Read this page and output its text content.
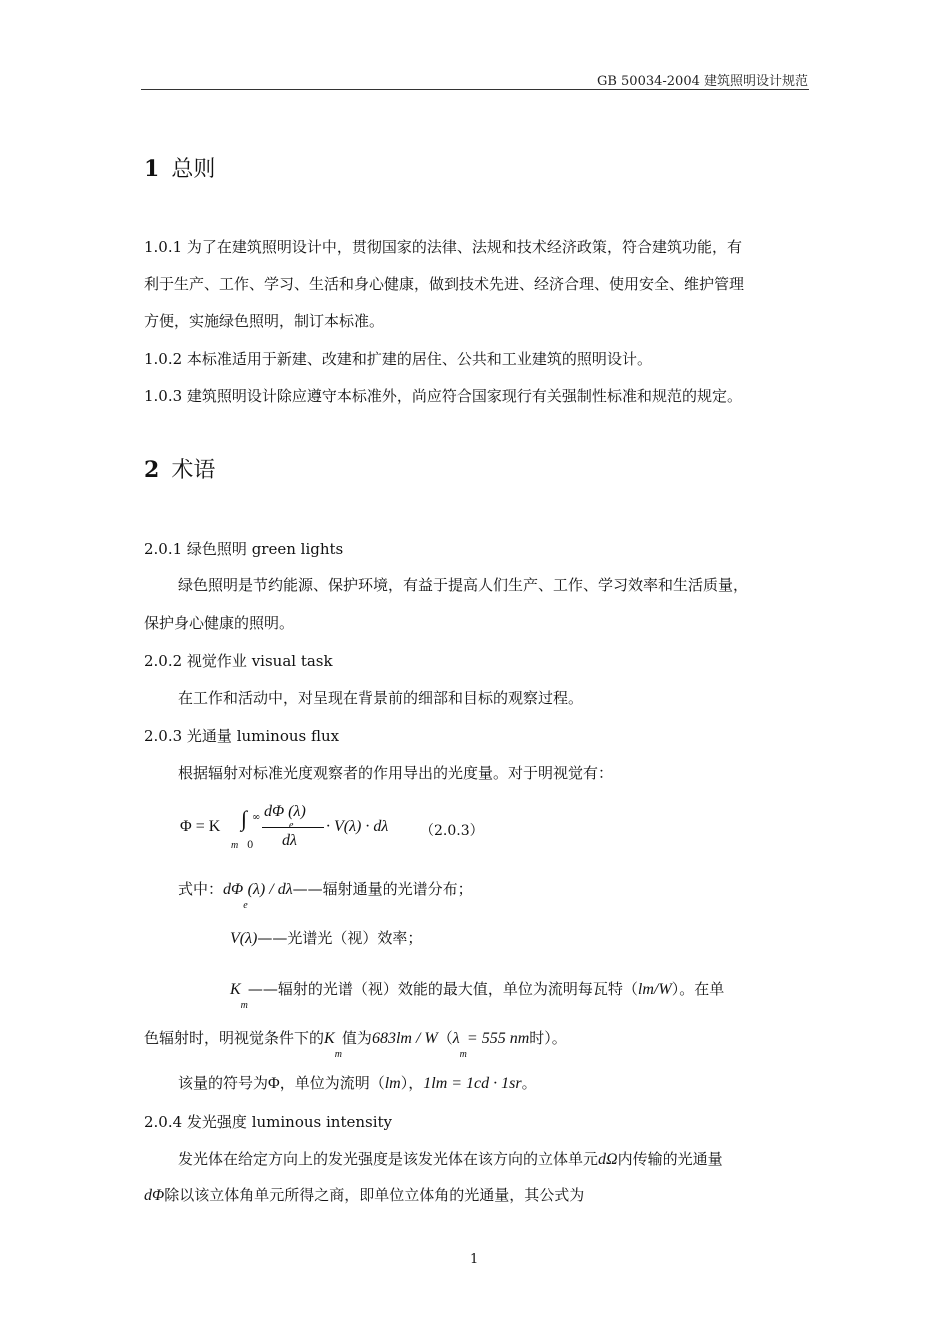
GB 50034-2004 建筑照明设计规范
1 总则
1.0.1 为了在建筑照明设计中，贯彻国家的法律、法规和技术经济政策，符合建筑功能，有
利于生产、工作、学习、生活和身心健康，做到技术先进、经济合理、使用安全、维护管理
方便，实施绿色照明，制订本标准。
1.0.2 本标准适用于新建、改建和扩建的居住、公共和工业建筑的照明设计。
1.0.3 建筑照明设计除应遵守本标准外，尚应符合国家现行有关强制性标准和规范的规定。
2 术语
2.0.1 绿色照明 green lights
绿色照明是节约能源、保护环境，有益于提高人们生产、工作、学习效率和生活质量，
保护身心健康的照明。
2.0.2 视觉作业 visual task
在工作和活动中，对呈现在背景前的细部和目标的观察过程。
2.0.3 光通量 luminous flux
根据辐射对标准光度观察者的作用导出的光度量。对于明视觉有：
Φ = K
m
∫ ∞
0
dΦ (λ)
e
dλ
· V(λ) · dλ （2.0.3）
式中：$d\Phi_e(\lambda)$ / dλ——辐射通量的光谱分布；
V(λ)——光谱光（视）效率；
$K_m——$辐射的光谱（视）效能的最大值，单位为流明每瓦特（lm/W）。在单
色辐射时，明视觉条件下的$K_m$值为$683lm / W(\lambda_m= 555$ nm时）。
该量的符号为Φ，单位为流明（lm），1lm = 1cd · 1sr。
2.0.4 发光强度 luminous intensity
发光体在给定方向上的发光强度是该发光体在该方向的立体单元dΩ内传输的光通量
dΦ除以该立体角单元所得之商，即单位立体角的光通量，其公式为
1
